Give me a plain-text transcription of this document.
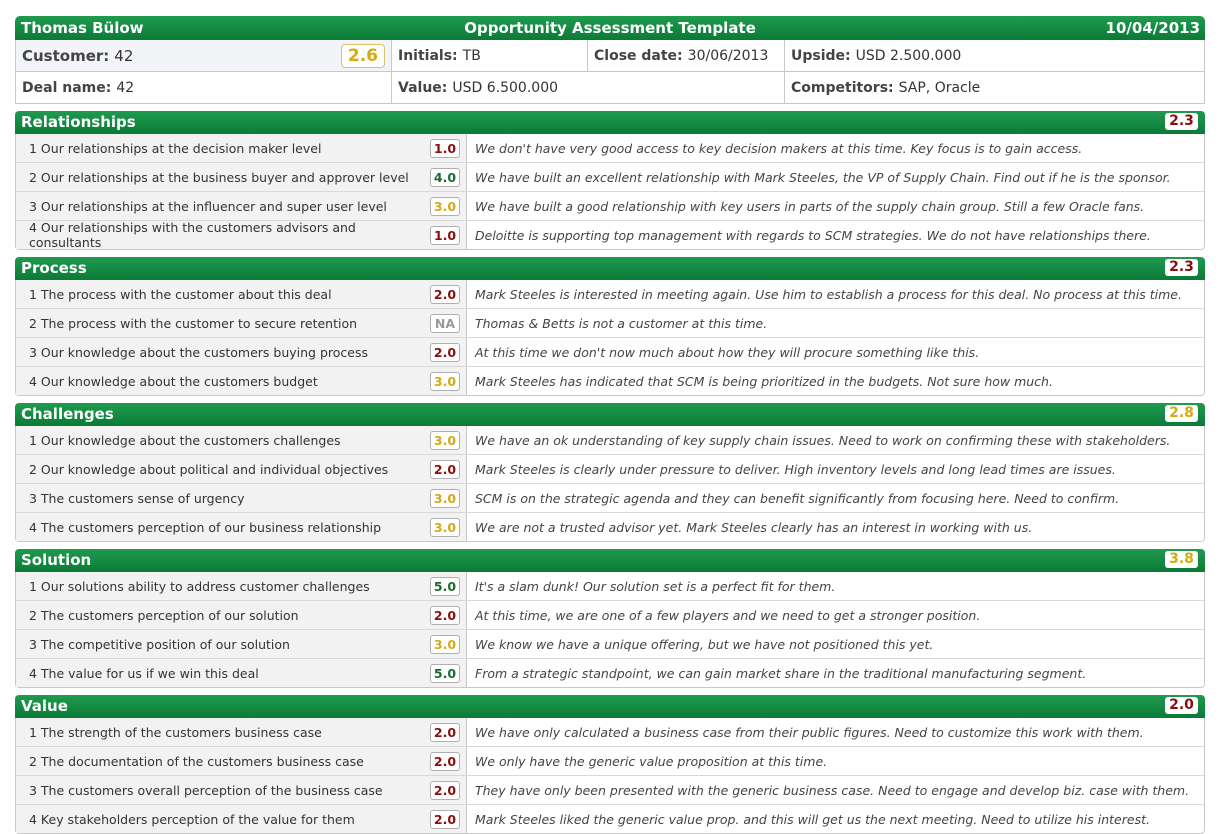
Thomas Bülow	Opportunity Assessment Template	10/04/2013
Customer: 42	2.6	Initials: TB	Close date: 30/06/2013 Upside: USD 2.500.000
Deal name: 42	Value: USD 6.500.000	Competitors: SAP, Oracle
Relationships	2.3
1 Our relationships at the decision maker level	1.0	We don't have very good access to key decision makers at this time. Key focus is to gain access.
2 Our relationships at the business buyer and approver level	4.0	We have built an excellent relationship with Mark Steeles, the VP of Supply Chain. Find out if he is the sponsor.
3 Our relationships at the influencer and super user level	3.0	We have built a good relationship with key users in parts of the supply chain group. Still a few Oracle fans.
4 Our relationships with the customers advisors and consultants	1.0	Deloitte is supporting top management with regards to SCM strategies. We do not have relationships there.
Process	2.3
1 The process with the customer about this deal	2.0	Mark Steeles is interested in meeting again. Use him to establish a process for this deal. No process at this time.
2 The process with the customer to secure retention	NA	Thomas & Betts is not a customer at this time.
3 Our knowledge about the customers buying process	2.0	At this time we don't now much about how they will procure something like this.
4 Our knowledge about the customers budget	3.0	Mark Steeles has indicated that SCM is being prioritized in the budgets. Not sure how much.
Challenges	2.8
1 Our knowledge about the customers challenges	3.0	We have an ok understanding of key supply chain issues. Need to work on confirming these with stakeholders.
2 Our knowledge about political and individual objectives	2.0	Mark Steeles is clearly under pressure to deliver. High inventory levels and long lead times are issues.
3 The customers sense of urgency	3.0	SCM is on the strategic agenda and they can benefit significantly from focusing here. Need to confirm.
4 The customers perception of our business relationship	3.0	We are not a trusted advisor yet. Mark Steeles clearly has an interest in working with us.
Solution	3.8
1 Our solutions ability to address customer challenges	5.0	It's a slam dunk! Our solution set is a perfect fit for them.
2 The customers perception of our solution	2.0	At this time, we are one of a few players and we need to get a stronger position.
3 The competitive position of our solution	3.0	We know we have a unique offering, but we have not positioned this yet.
4 The value for us if we win this deal	5.0	From a strategic standpoint, we can gain market share in the traditional manufacturing segment.
Value	2.0
1 The strength of the customers business case	2.0	We have only calculated a business case from their public figures. Need to customize this work with them.
2 The documentation of the customers business case	2.0	We only have the generic value proposition at this time.
3 The customers overall perception of the business case	2.0	They have only been presented with the generic business case. Need to engage and develop biz. case with them.
4 Key stakeholders perception of the value for them	2.0	Mark Steeles liked the generic value prop. and this will get us the next meeting. Need to utilize his interest.
